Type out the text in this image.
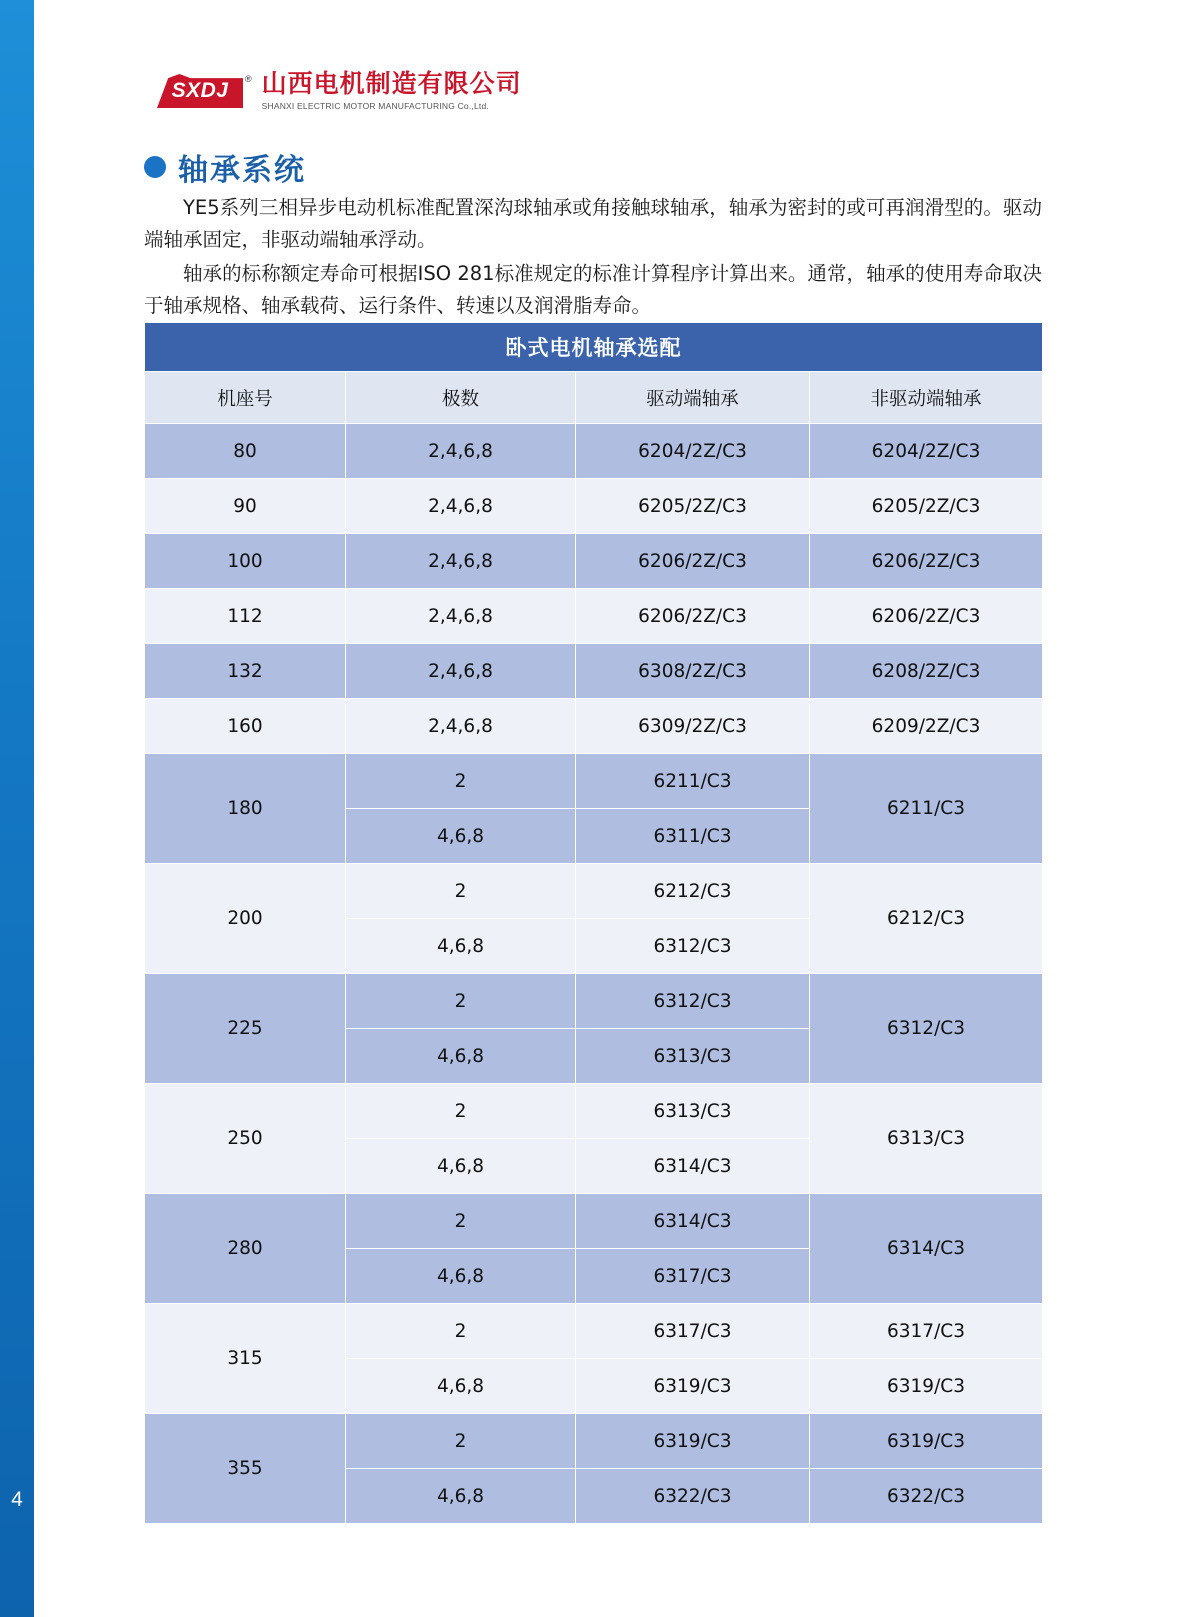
4
SXDJ ® 山西电机制造有限公司
SHANXI ELECTRIC MOTOR MANUFACTURING Co.,Ltd.
轴承系统
YE5系列三相异步电动机标准配置深沟球轴承或角接触球轴承，轴承为密封的或可再润滑型的。驱动端轴承固定，非驱动端轴承浮动。
轴承的标称额定寿命可根据ISO 281标准规定的标准计算程序计算出来。通常，轴承的使用寿命取决于轴承规格、轴承载荷、运行条件、转速以及润滑脂寿命。
卧式电机轴承选配			
机座号	极数	驱动端轴承	非驱动端轴承
80	2,4,6,8	6204/2Z/C3	6204/2Z/C3
90	2,4,6,8	6205/2Z/C3	6205/2Z/C3
100	2,4,6,8	6206/2Z/C3	6206/2Z/C3
112	2,4,6,8	6206/2Z/C3	6206/2Z/C3
132	2,4,6,8	6308/2Z/C3	6208/2Z/C3
160	2,4,6,8	6309/2Z/C3	6209/2Z/C3
180	2	6211/C3	6211/C3
	4,6,8	6311/C3	
200	2	6212/C3	6212/C3
	4,6,8	6312/C3	
225	2	6312/C3	6312/C3
	4,6,8	6313/C3	
250	2	6313/C3	6313/C3
	4,6,8	6314/C3	
280	2	6314/C3	6314/C3
	4,6,8	6317/C3	
315	2	6317/C3	6317/C3
	4,6,8	6319/C3	6319/C3
355	2	6319/C3	6319/C3
	4,6,8	6322/C3	6322/C3
